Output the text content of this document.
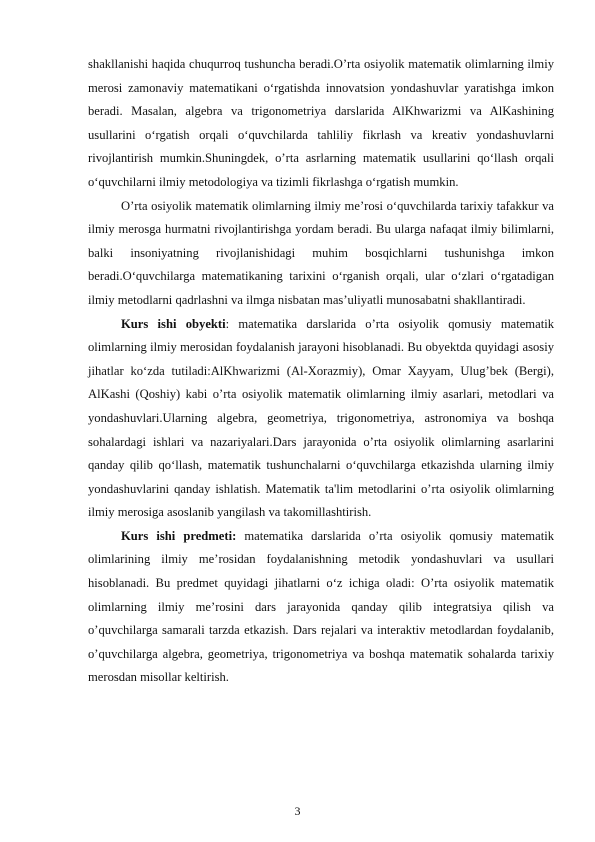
shakllanishi haqida chuqurroq tushuncha beradi.O’rta osiyolik matematik olimlarning ilmiy merosi zamonaviy matematikani o‘rgatishda innovatsion yondashuvlar yaratishga imkon beradi. Masalan, algebra va trigonometriya darslarida AlKhwarizmi va AlKashining usullarini o‘rgatish orqali o‘quvchilarda tahliliy fikrlash va kreativ yondashuvlarni rivojlantirish mumkin.Shuningdek, o’rta asrlarning matematik usullarini qo‘llash orqali o‘quvchilarni ilmiy metodologiya va tizimli fikrlashga o‘rgatish mumkin.

O’rta osiyolik matematik olimlarning ilmiy me’rosi o‘quvchilarda tarixiy tafakkur va ilmiy merosga hurmatni rivojlantirishga yordam beradi. Bu ularga nafaqat ilmiy bilimlarni, balki insoniyatning rivojlanishidagi muhim bosqichlarni tushunishga imkon beradi.O‘quvchilarga matematikaning tarixini o‘rganish orqali, ular o‘zlari o‘rgatadigan ilmiy metodlarni qadrlashni va ilmga nisbatan mas’uliyatli munosabatni shakllantiradi.

Kurs ishi obyekti: matematika darslarida o’rta osiyolik qomusiy matematik olimlarning ilmiy merosidan foydalanish jarayoni hisoblanadi. Bu obyektda quyidagi asosiy jihatlar ko‘zda tutiladi:AlKhwarizmi (Al-Xorazmiy), Omar Xayyam, Ulug’bek (Bergi), AlKashi (Qoshiy) kabi o’rta osiyolik matematik olimlarning ilmiy asarlari, metodlari va yondashuvlari.Ularning algebra, geometriya, trigonometriya, astronomiya va boshqa sohalardagi ishlari va nazariyalari.Dars jarayonida o’rta osiyolik olimlarning asarlarini qanday qilib qo‘llash, matematik tushunchalarni o‘quvchilarga etkazishda ularning ilmiy yondashuvlarini qanday ishlatish. Matematik ta'lim metodlarini o’rta osiyolik olimlarning ilmiy merosiga asoslanib yangilash va takomillashtirish.

Kurs ishi predmeti: matematika darslarida o’rta osiyolik qomusiy matematik olimlarining ilmiy me’rosidan foydalanishning metodik yondashuvlari va usullari hisoblanadi. Bu predmet quyidagi jihatlarni o‘z ichiga oladi: O’rta osiyolik matematik olimlarning ilmiy me’rosini dars jarayonida qanday qilib integratsiya qilish va o’quvchilarga samarali tarzda etkazish. Dars rejalari va interaktiv metodlardan foydalanib, o’quvchilarga algebra, geometriya, trigonometriya va boshqa matematik sohalarda tarixiy merosdan misollar keltirish.

3
